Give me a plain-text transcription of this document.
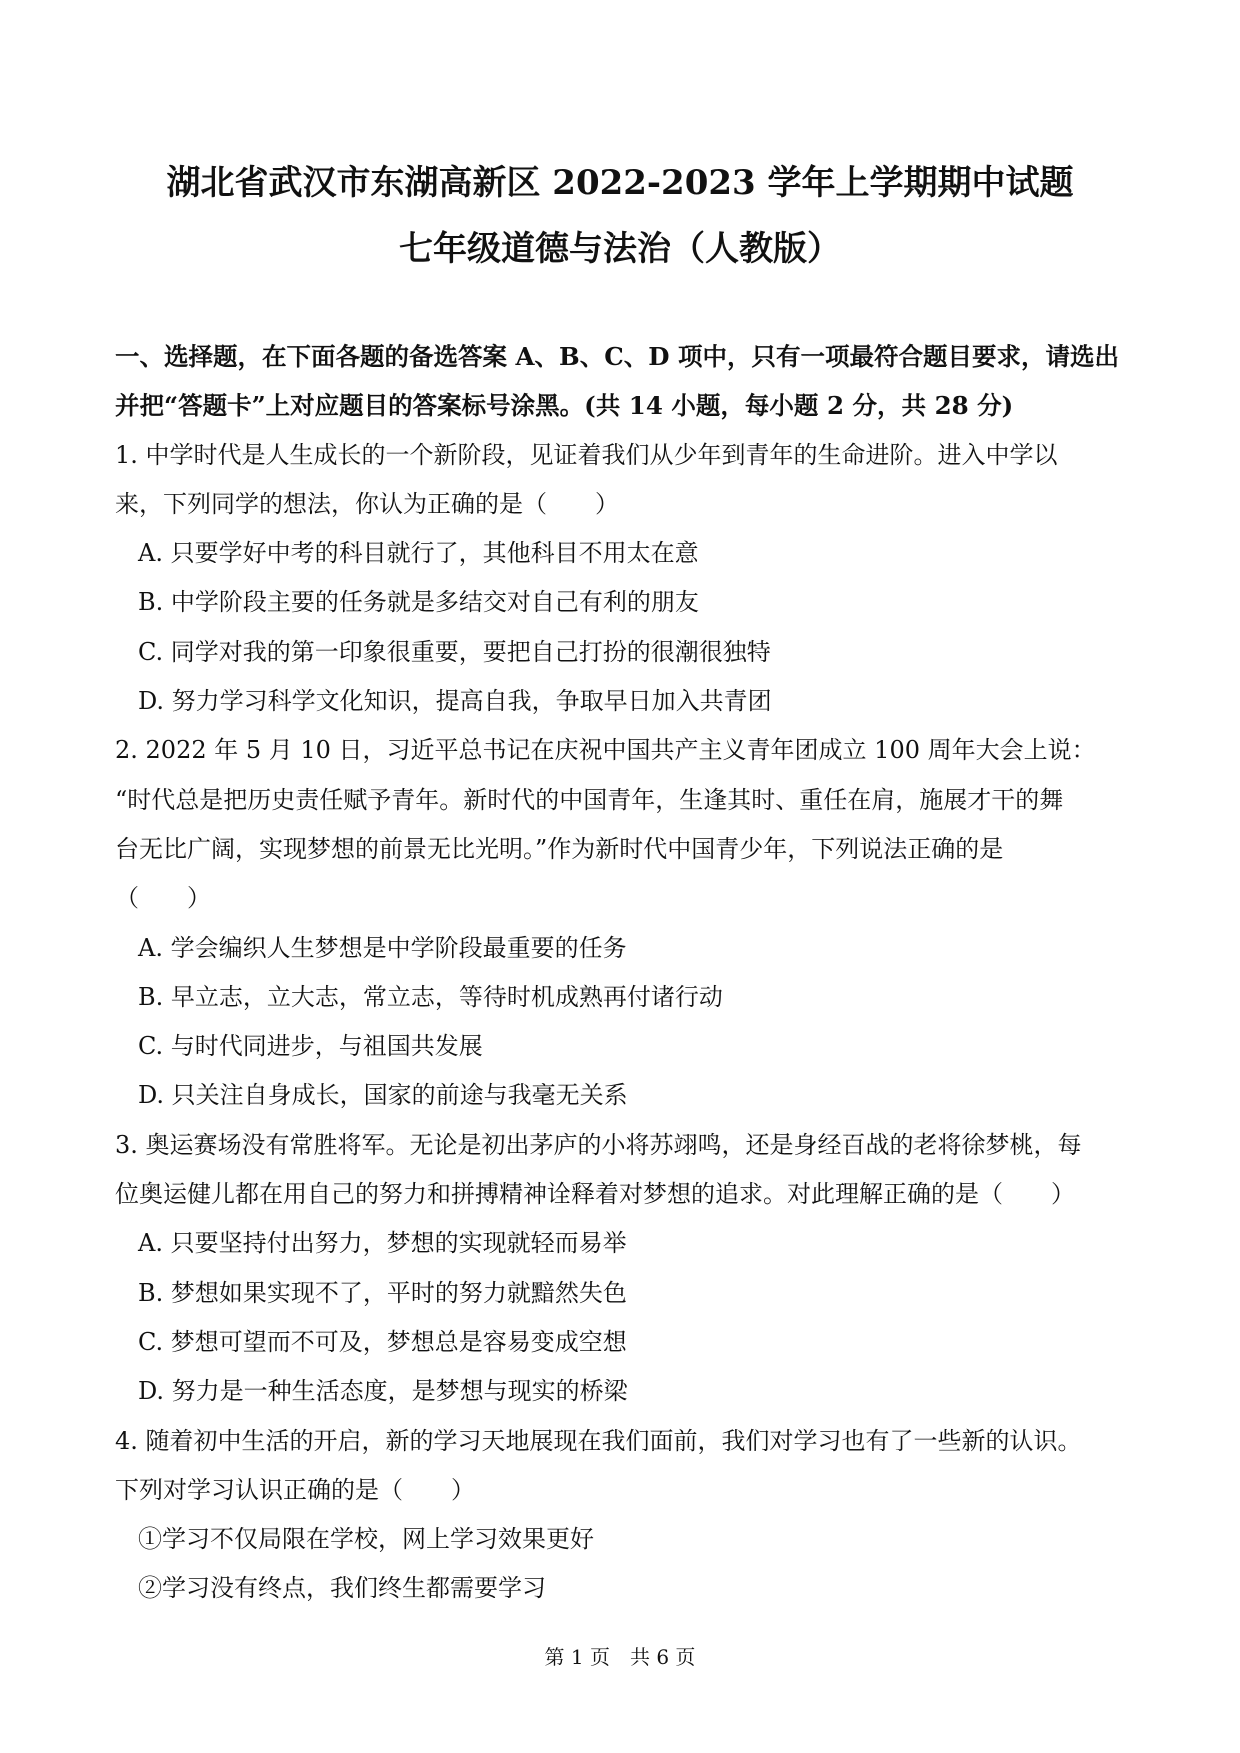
湖北省武汉市东湖高新区 2022-2023 学年上学期期中试题
七年级道德与法治（人教版）
一、选择题，在下面各题的备选答案 A、B、C、D 项中，只有一项最符合题目要求，请选出
并把“答题卡”上对应题目的答案标号涂黑。(共 14 小题，每小题 2 分，共 28 分)
1. 中学时代是人生成长的一个新阶段，见证着我们从少年到青年的生命进阶。进入中学以
来，下列同学的想法，你认为正确的是（　　）
A. 只要学好中考的科目就行了，其他科目不用太在意
B. 中学阶段主要的任务就是多结交对自己有利的朋友
C. 同学对我的第一印象很重要，要把自己打扮的很潮很独特
D. 努力学习科学文化知识，提高自我，争取早日加入共青团
2. 2022 年 5 月 10 日，习近平总书记在庆祝中国共产主义青年团成立 100 周年大会上说：
“时代总是把历史责任赋予青年。新时代的中国青年，生逢其时、重任在肩，施展才干的舞
台无比广阔，实现梦想的前景无比光明。”作为新时代中国青少年，下列说法正确的是
（　　）
A. 学会编织人生梦想是中学阶段最重要的任务
B. 早立志，立大志，常立志，等待时机成熟再付诸行动
C. 与时代同进步，与祖国共发展
D. 只关注自身成长，国家的前途与我毫无关系
3. 奥运赛场没有常胜将军。无论是初出茅庐的小将苏翊鸣，还是身经百战的老将徐梦桃，每
位奥运健儿都在用自己的努力和拼搏精神诠释着对梦想的追求。对此理解正确的是（　　）
A. 只要坚持付出努力，梦想的实现就轻而易举
B. 梦想如果实现不了，平时的努力就黯然失色
C. 梦想可望而不可及，梦想总是容易变成空想
D. 努力是一种生活态度，是梦想与现实的桥梁
4. 随着初中生活的开启，新的学习天地展现在我们面前，我们对学习也有了一些新的认识。
下列对学习认识正确的是（　　）
①学习不仅局限在学校，网上学习效果更好
②学习没有终点，我们终生都需要学习
第 1 页　共 6 页
